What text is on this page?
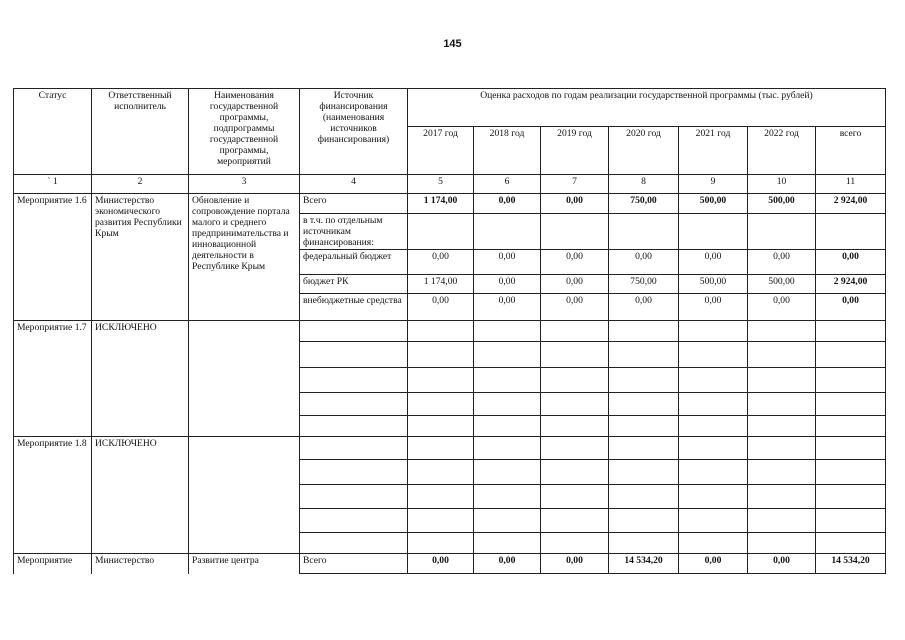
145
Статус	Ответственный исполнитель	Наименования государственной программы, подпрограммы государственной программы, мероприятий	Источник финансирования (наименования источников финансирования)	Оценка расходов по годам реализации государственной программы (тыс. рублей)						
				2017 год	2018 год	2019 год	2020 год	2021 год	2022 год	всего
` 1	2	3	4	5	6	7	8	9	10	11
Мероприятие 1.6	Министерство экономического развития Республики Крым	Обновление и сопровождение портала малого и среднего предпринимательства и инновационной деятельности в Республике Крым	Всего	1 174,00	0,00	0,00	750,00	500,00	500,00	2 924,00
			в т.ч. по отдельным источникам финансирования:							
			федеральный бюджет	0,00	0,00	0,00	0,00	0,00	0,00	0,00
			бюджет РК	1 174,00	0,00	0,00	750,00	500,00	500,00	2 924,00
			внебюджетные средства	0,00	0,00	0,00	0,00	0,00	0,00	0,00
Мероприятие 1.7	ИСКЛЮЧЕНО									

Мероприятие 1.8	ИСКЛЮЧЕНО									

Мероприятие	Министерство	Развитие центра	Всего	0,00	0,00	0,00	14 534,20	0,00	0,00	14 534,20
